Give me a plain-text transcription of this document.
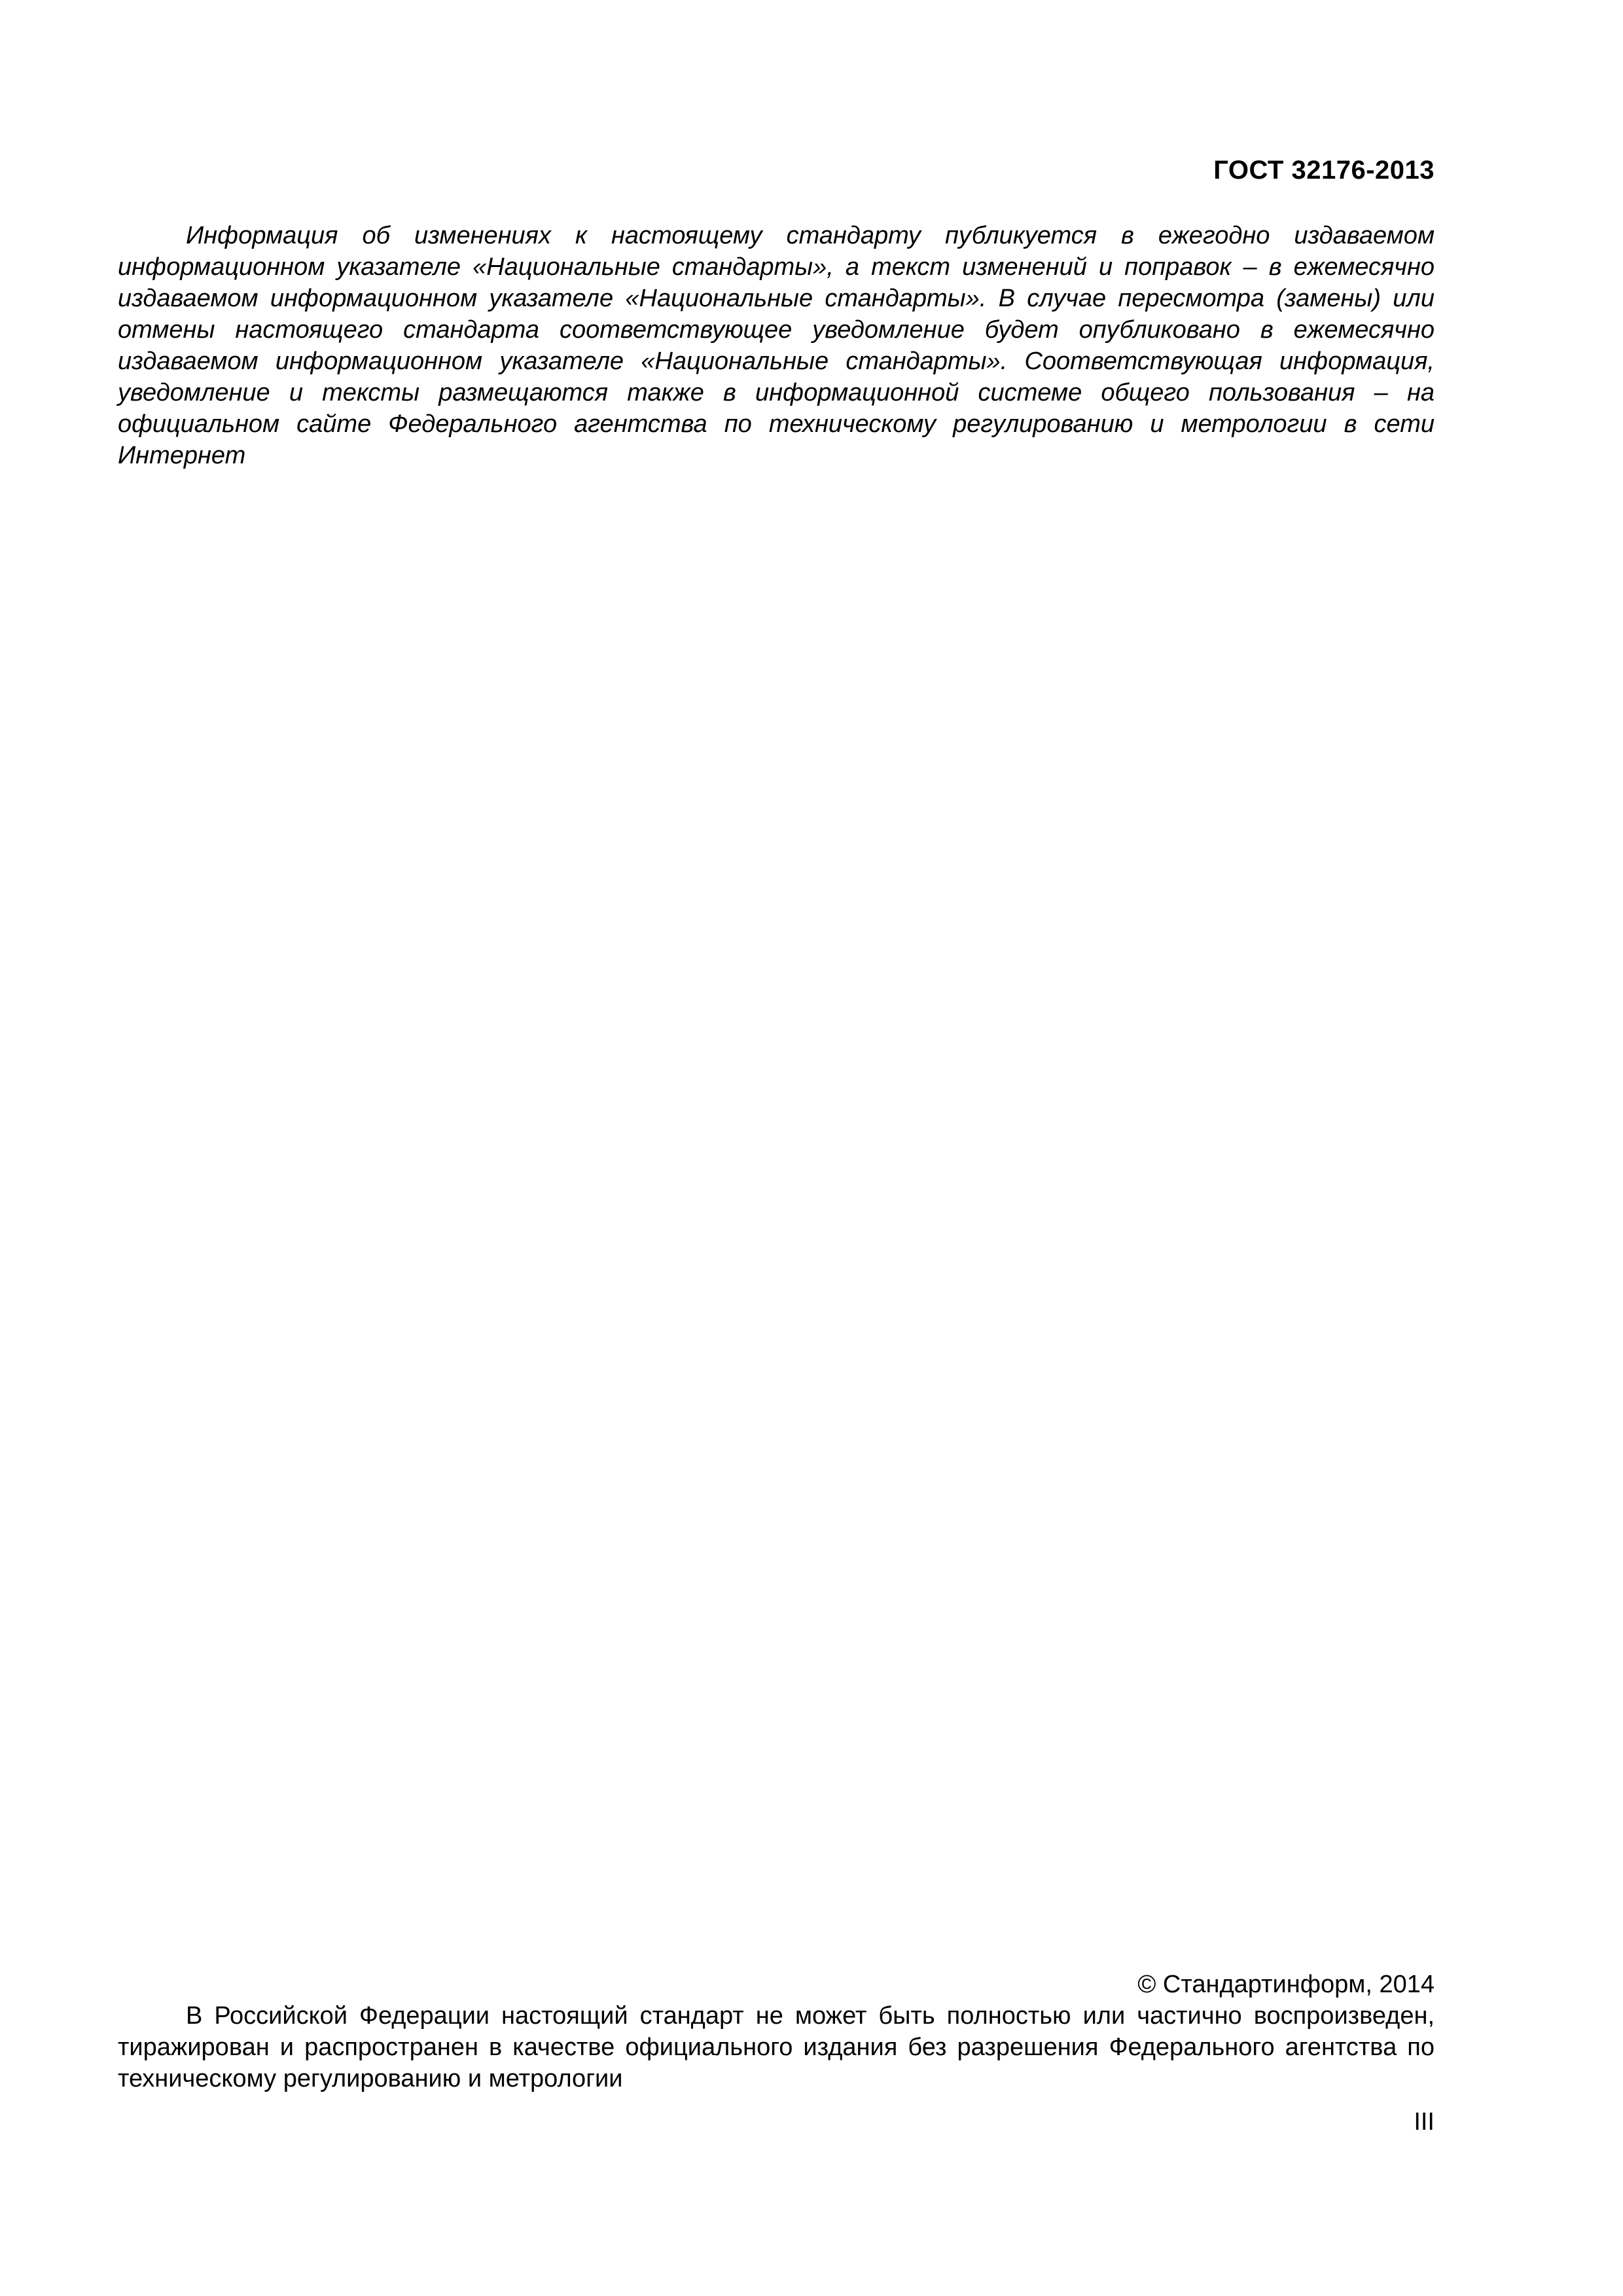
ГОСТ 32176-2013

Информация об изменениях к настоящему стандарту публикуется в ежегодно издаваемом информационном указателе «Национальные стандарты», а текст изменений и поправок – в ежемесячно издаваемом информационном указателе «Национальные стандарты». В случае пересмотра (замены) или отмены настоящего стандарта соответствующее уведомление будет опубликовано в ежемесячно издаваемом информационном указателе «Национальные стандарты». Соответствующая информация, уведомление и тексты размещаются также в информационной системе общего пользования – на официальном сайте Федерального агентства по техническому регулированию и метрологии в сети Интернет

© Стандартинформ, 2014

В Российской Федерации настоящий стандарт не может быть полностью или частично воспроизведен, тиражирован и распространен в качестве официального издания без разрешения Федерального агентства по техническому регулированию и метрологии

III
